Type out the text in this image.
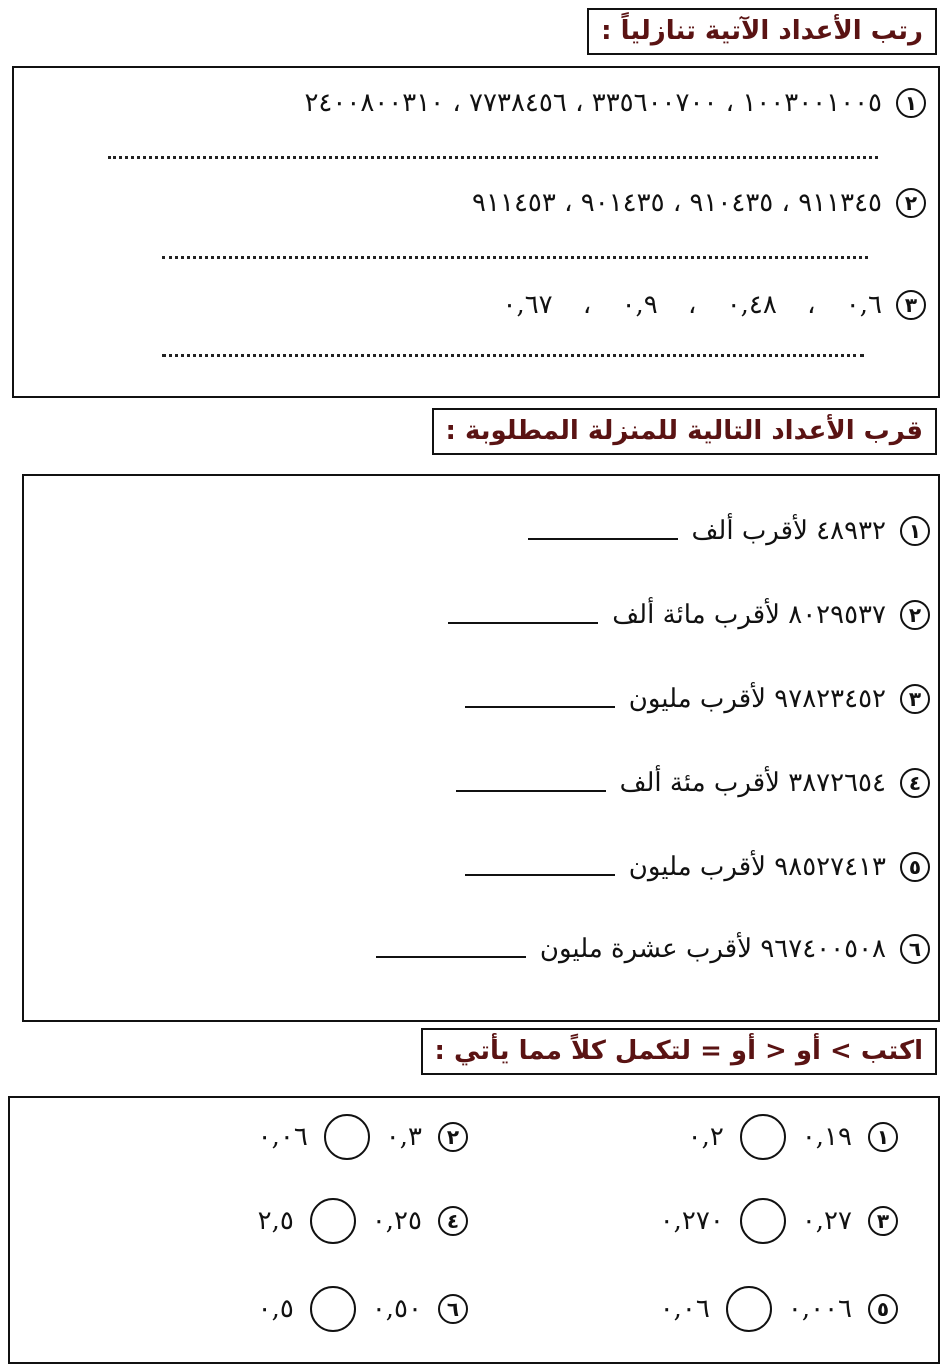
رتب الأعداد الآتية تنازلياً :
١
١٠٠٣٠٠١٠٠٥ ، ٣٣٥٦٠٠٧٠٠ ، ٧٧٣٨٤٥٦ ، ٢٤٠٠٨٠٠٣١٠
٢
٩١١٣٤٥ ، ٩١٠٤٣٥ ، ٩٠١٤٣٥ ، ٩١١٤٥٣
٣
٠,٦ ، ٠,٤٨ ، ٠,٩ ، ٠,٦٧
قرب الأعداد التالية للمنزلة المطلوبة :
١
٤٨٩٣٢ لأقرب ألف
٢
٨٠٢٩٥٣٧ لأقرب مائة ألف
٣
٩٧٨٢٣٤٥٢ لأقرب مليون
٤
٣٨٧٢٦٥٤ لأقرب مئة ألف
٥
٩٨٥٢٧٤١٣ لأقرب مليون
٦
٩٦٧٤٠٠٥٠٨ لأقرب عشرة مليون
اكتب > أو < أو = لتكمل كلاً مما يأتي :
١
٠,١٩
٠,٢
٢
٠,٣
٠,٠٦
٣
٠,٢٧
٠,٢٧٠
٤
٠,٢٥
٢,٥
٥
٠,٠٠٦
٠,٠٦
٦
٠,٥٠
٠,٥
